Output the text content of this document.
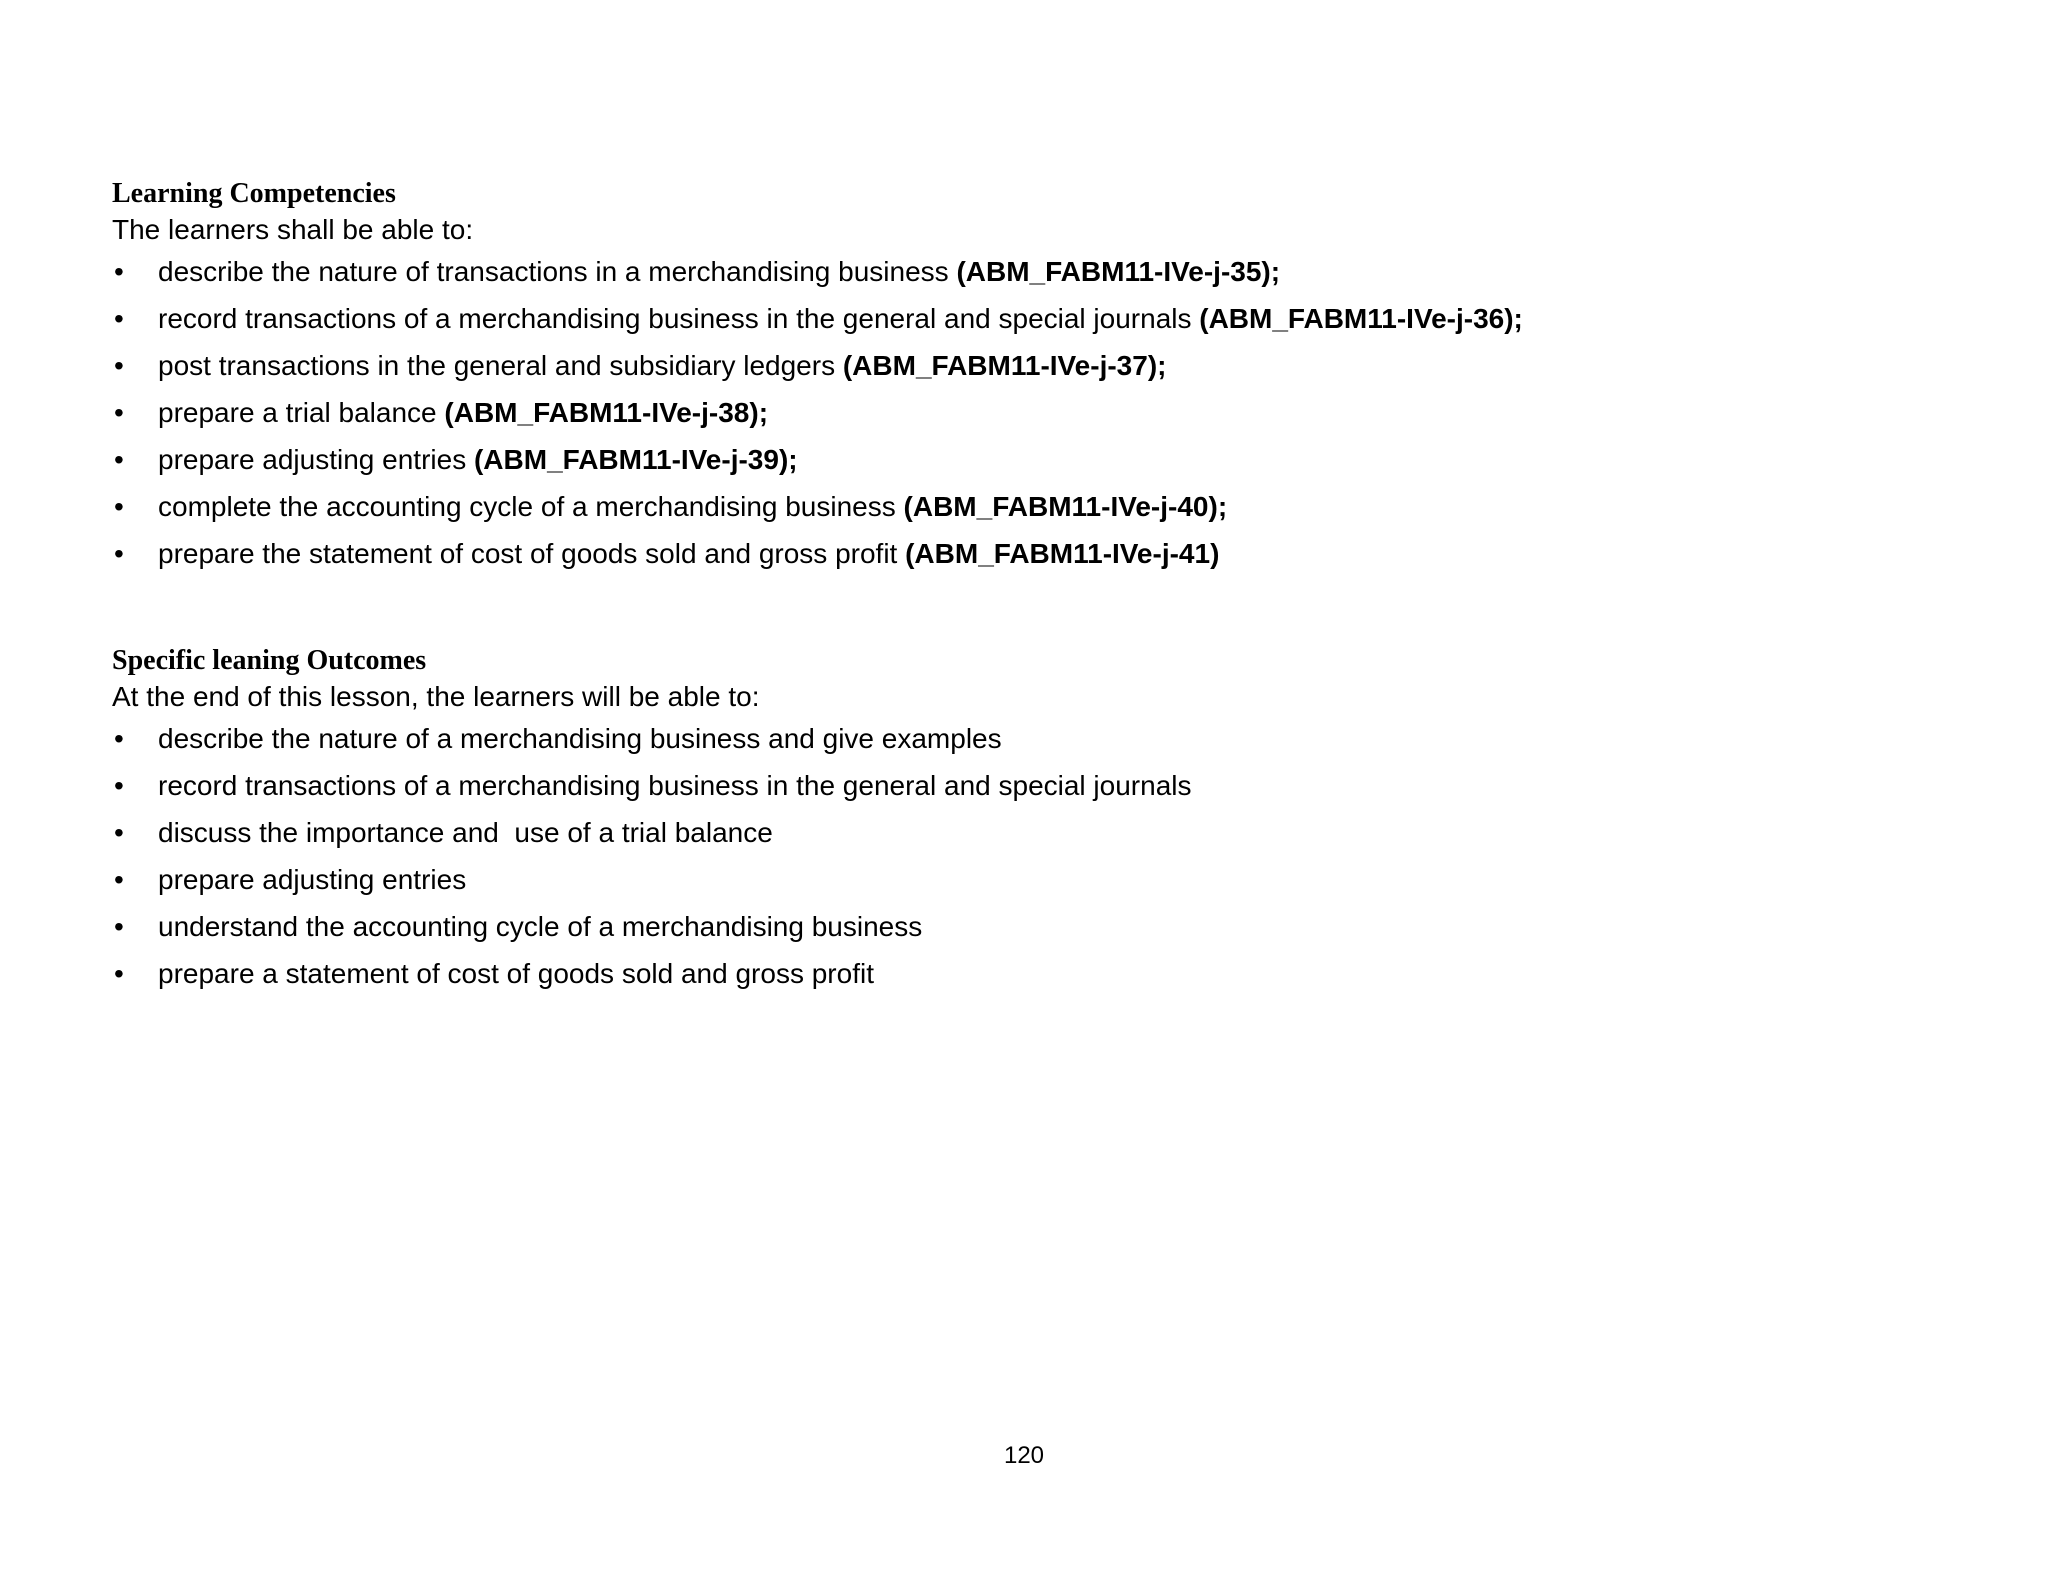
Learning Competencies

The learners shall be able to:

•	describe the nature of transactions in a merchandising business (ABM_FABM11-IVe-j-35);
•	record transactions of a merchandising business in the general and special journals (ABM_FABM11-IVe-j-36);
•	post transactions in the general and subsidiary ledgers (ABM_FABM11-IVe-j-37);
•	prepare a trial balance (ABM_FABM11-IVe-j-38);
•	prepare adjusting entries (ABM_FABM11-IVe-j-39);
•	complete the accounting cycle of a merchandising business (ABM_FABM11-IVe-j-40);
•	prepare the statement of cost of goods sold and gross profit (ABM_FABM11-IVe-j-41)
Specific leaning Outcomes

At the end of this lesson, the learners will be able to:

•	describe the nature of a merchandising business and give examples
•	record transactions of a merchandising business in the general and special journals
•	discuss the importance and  use of a trial balance
•	prepare adjusting entries
•	understand the accounting cycle of a merchandising business
•	prepare a statement of cost of goods sold and gross profit
120
